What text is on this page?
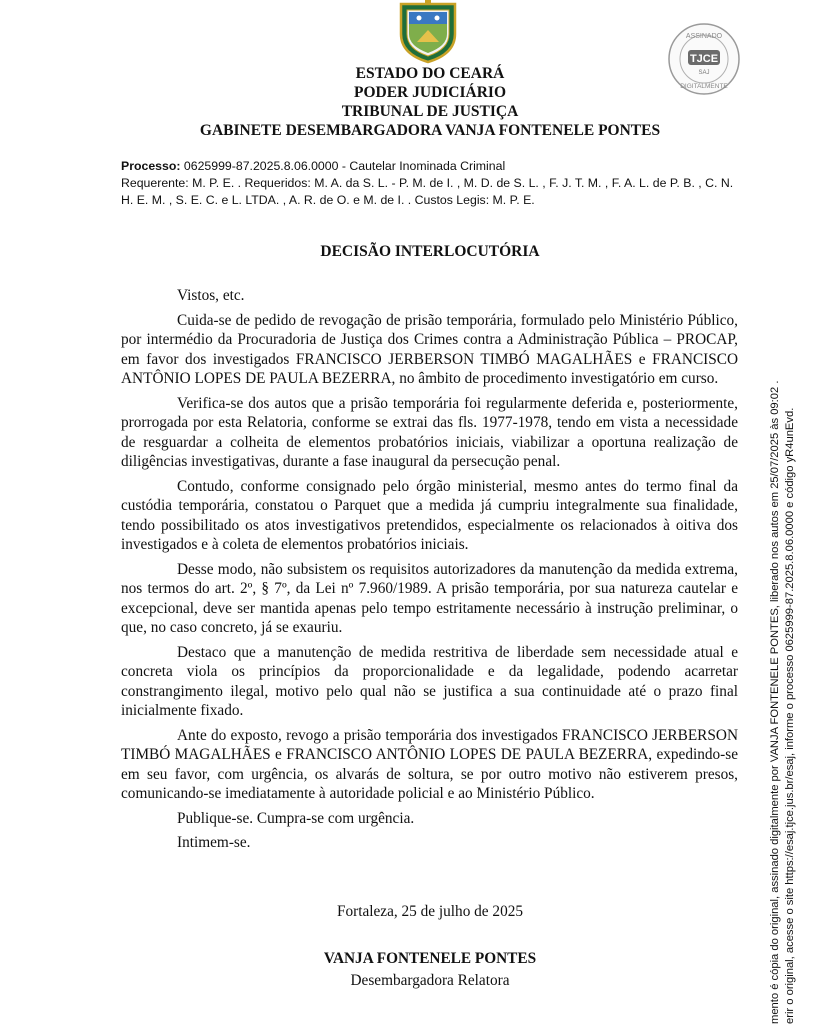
ASSINADO
TJCE
SAJ
DIGITALMENTE
ESTADO DO CEARÁ
PODER JUDICIÁRIO
TRIBUNAL DE JUSTIÇA
GABINETE DESEMBARGADORA VANJA FONTENELE PONTES
Processo: 0625999-87.2025.8.06.0000 - Cautelar Inominada Criminal
Requerente: M. P. E. . Requeridos: M. A. da S. L. - P. M. de I. , M. D. de S. L. , F. J. T. M. , F. A. L. de P. B. , C. N. H. E. M. , S. E. C. e L. LTDA. , A. R. de O. e M. de I. . Custos Legis: M. P. E.
DECISÃO INTERLOCUTÓRIA

Vistos, etc.

Cuida-se de pedido de revogação de prisão temporária, formulado pelo Ministério Público, por intermédio da Procuradoria de Justiça dos Crimes contra a Administração Pública – PROCAP, em favor dos investigados FRANCISCO JERBERSON TIMBÓ MAGALHÃES e FRANCISCO ANTÔNIO LOPES DE PAULA BEZERRA, no âmbito de procedimento investigatório em curso.

Verifica-se dos autos que a prisão temporária foi regularmente deferida e, posteriormente, prorrogada por esta Relatoria, conforme se extrai das fls. 1977-1978, tendo em vista a necessidade de resguardar a colheita de elementos probatórios iniciais, viabilizar a oportuna realização de diligências investigativas, durante a fase inaugural da persecução penal.

Contudo, conforme consignado pelo órgão ministerial, mesmo antes do termo final da custódia temporária, constatou o Parquet que a medida já cumpriu integralmente sua finalidade, tendo possibilitado os atos investigativos pretendidos, especialmente os relacionados à oitiva dos investigados e à coleta de elementos probatórios iniciais.

Desse modo, não subsistem os requisitos autorizadores da manutenção da medida extrema, nos termos do art. 2º, § 7º, da Lei nº 7.960/1989. A prisão temporária, por sua natureza cautelar e excepcional, deve ser mantida apenas pelo tempo estritamente necessário à instrução preliminar, o que, no caso concreto, já se exauriu.

Destaco que a manutenção de medida restritiva de liberdade sem necessidade atual e concreta viola os princípios da proporcionalidade e da legalidade, podendo acarretar constrangimento ilegal, motivo pelo qual não se justifica a sua continuidade até o prazo final inicialmente fixado.

Ante do exposto, revogo a prisão temporária dos investigados FRANCISCO JERBERSON TIMBÓ MAGALHÃES e FRANCISCO ANTÔNIO LOPES DE PAULA BEZERRA, expedindo-se em seu favor, com urgência, os alvarás de soltura, se por outro motivo não estiverem presos, comunicando-se imediatamente à autoridade policial e ao Ministério Público.

Publique-se. Cumpra-se com urgência.

Intimem-se.

Fortaleza, 25 de julho de 2025
VANJA FONTENELE PONTES
Desembargadora Relatora	mento é cópia do original, assinado digitalmente por VANJA FONTENELE PONTES, liberado nos autos em 25/07/2025 às 09:02 . erir o original, acesse o site https://esaj.tjce.jus.br/esaj, informe o processo 0625999-87.2025.8.06.0000 e código yR4unEvd.
